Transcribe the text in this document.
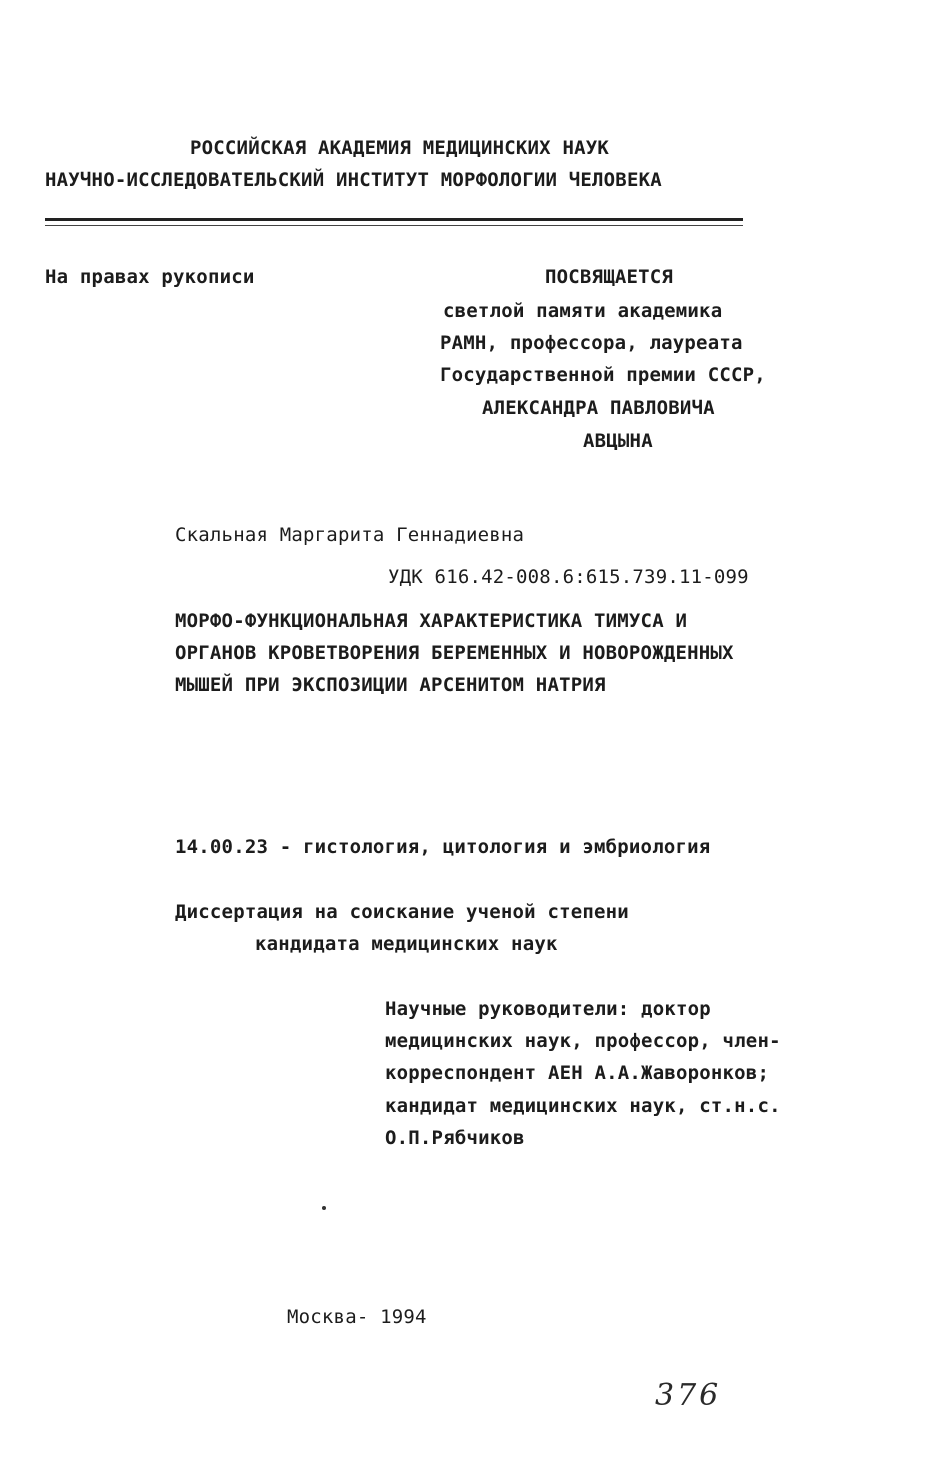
РОССИЙСКАЯ АКАДЕМИЯ МЕДИЦИНСКИХ НАУК
НАУЧНО-ИССЛЕДОВАТЕЛЬСКИЙ ИНСТИТУТ МОРФОЛОГИИ ЧЕЛОВЕКА
На правах рукописи	ПОСВЯЩАЕТСЯ
светлой памяти академика
РАМН, профессора, лауреата
Государственной премии СССР,
АЛЕКСАНДРА ПАВЛОВИЧА
АВЦЫНА
Скальная Маргарита Геннадиевна
УДК 616.42-008.6:615.739.11-099
МОРФО-ФУНКЦИОНАЛЬНАЯ ХАРАКТЕРИСТИКА ТИМУСА И
ОРГАНОВ КРОВЕТВОРЕНИЯ БЕРЕМЕННЫХ И НОВОРОЖДЕННЫХ
МЫШЕЙ ПРИ ЭКСПОЗИЦИИ АРСЕНИТОМ НАТРИЯ
14.00.23 - гистология, цитология и эмбриология
Диссертация на соискание ученой степени
кандидата медицинских наук
Научные руководители: доктор
медицинских наук, профессор, член-
корреспондент АЕН А.А.Жаворонков;
кандидат медицинских наук, ст.н.с.
О.П.Рябчиков
Москва- 1994
376
